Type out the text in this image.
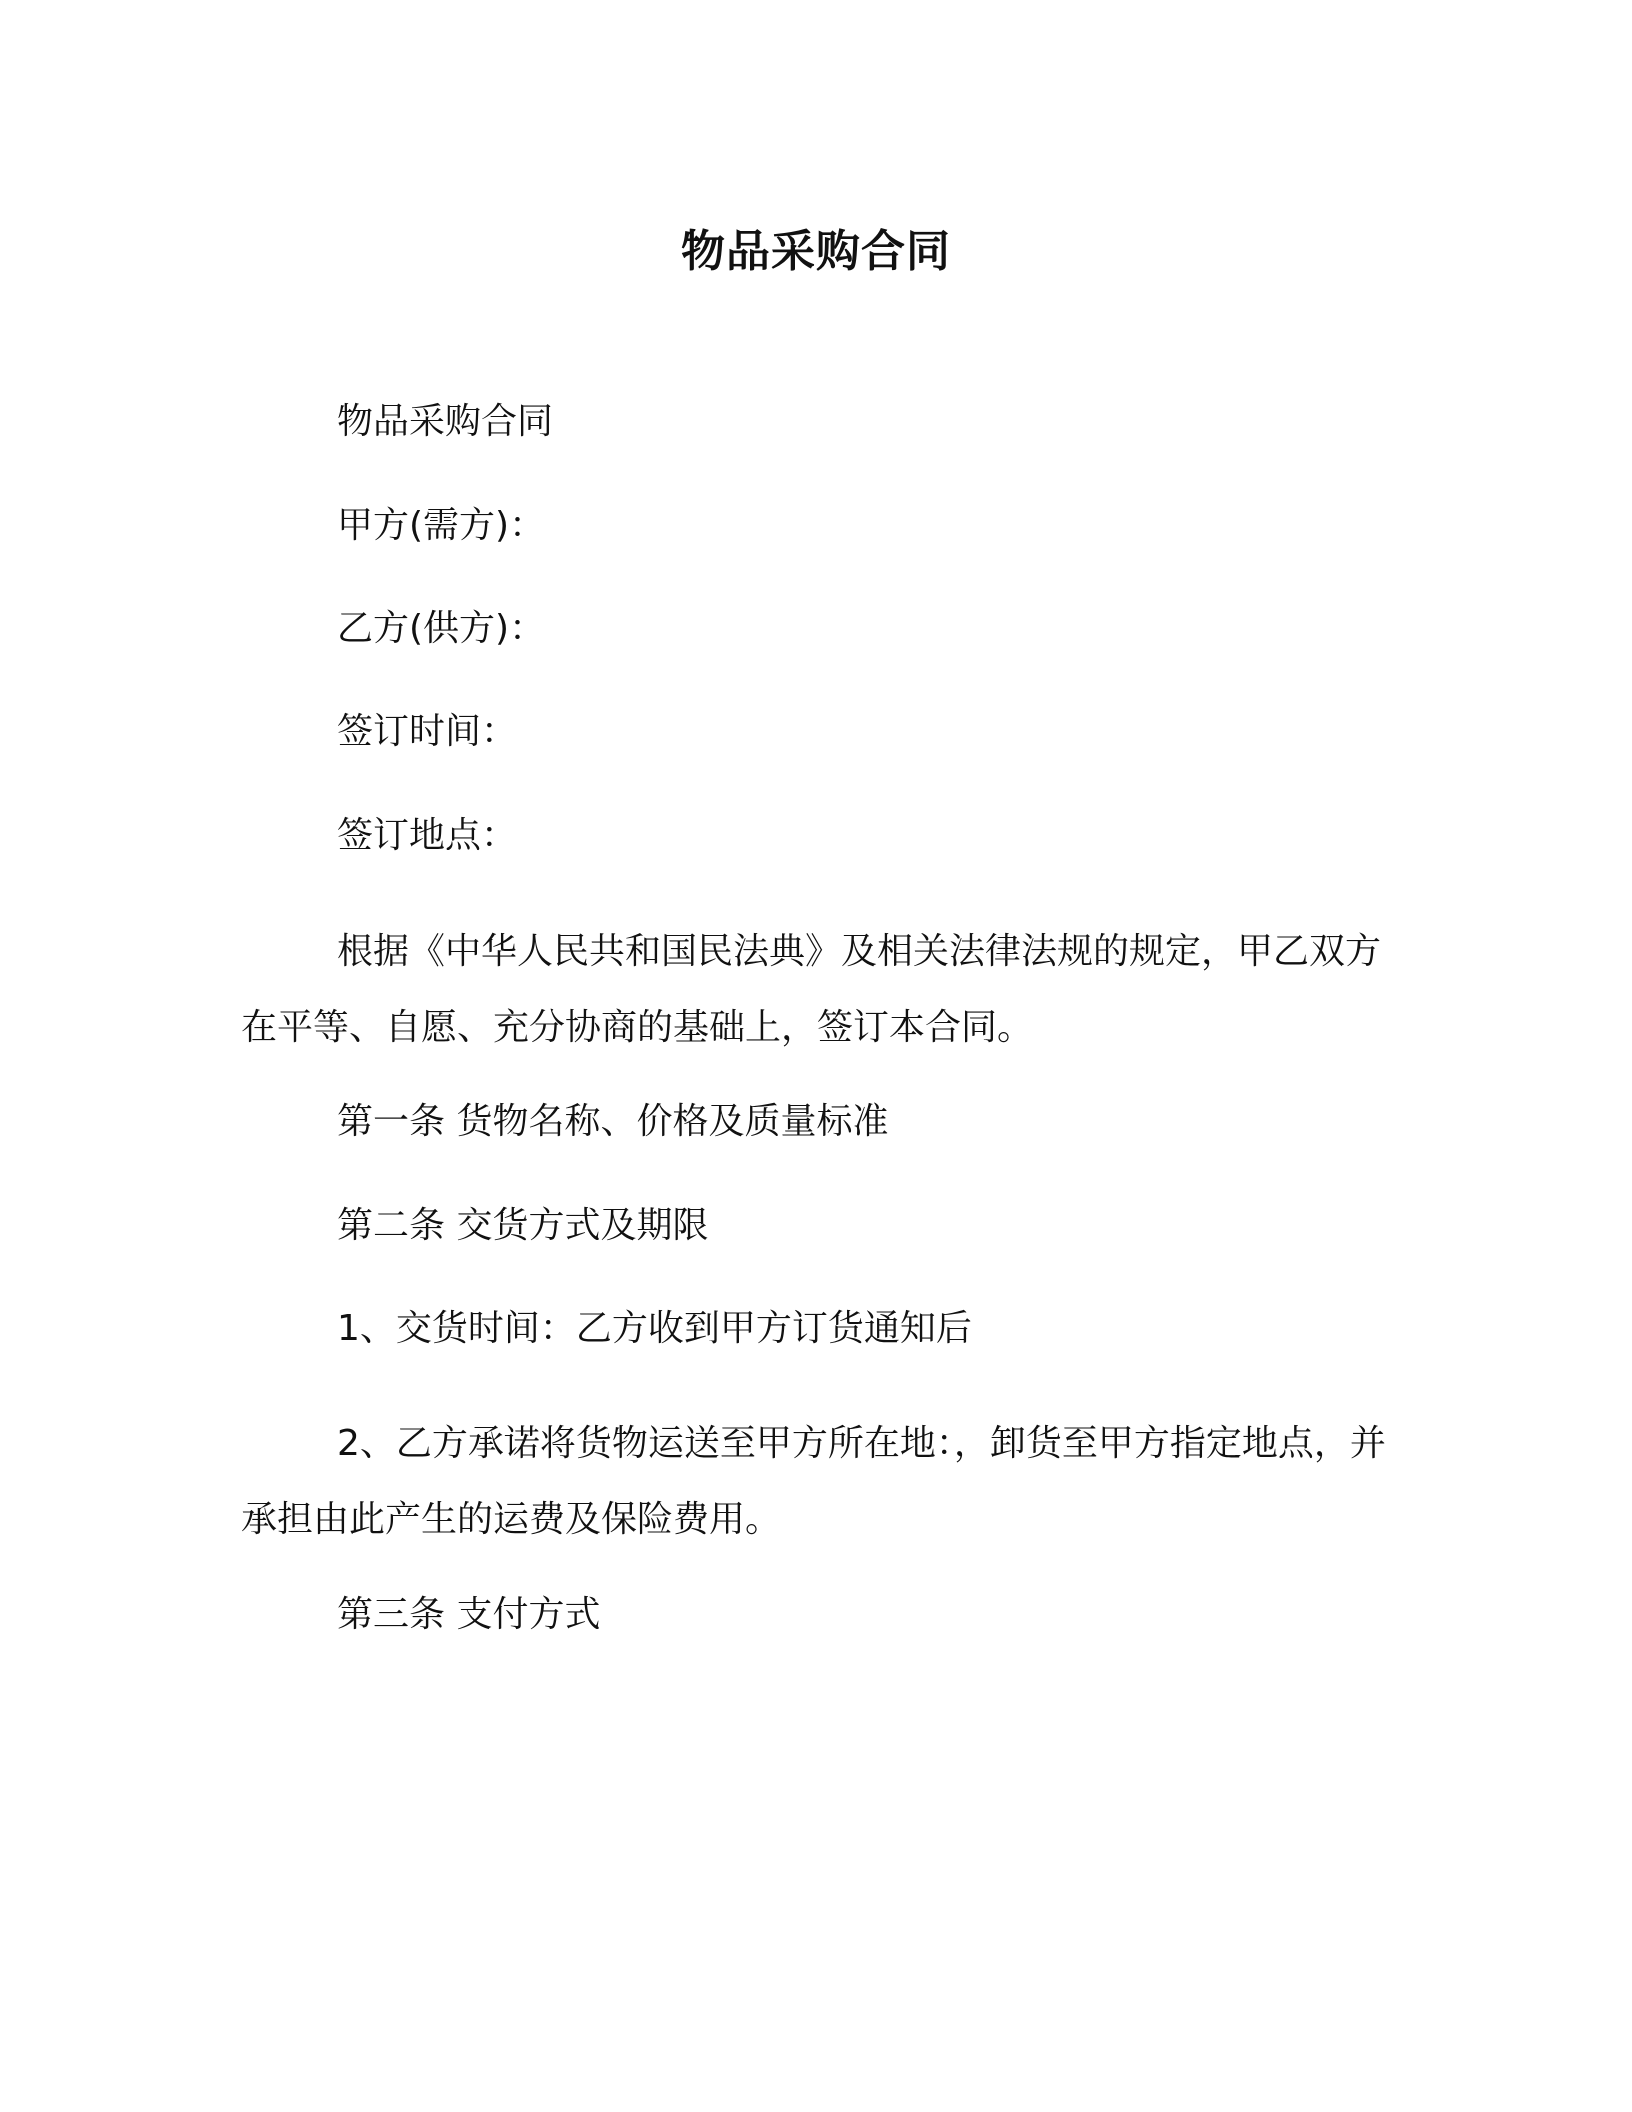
物品采购合同
物品采购合同
甲方(需方)：
乙方(供方)：
签订时间：
签订地点：

根据《中华人民共和国民法典》及相关法律法规的规定，甲乙双方在平等、自愿、充分协商的基础上，签订本合同。

第一条 货物名称、价格及质量标准
第二条 交货方式及期限
1、交货时间：乙方收到甲方订货通知后

2、乙方承诺将货物运送至甲方所在地：，卸货至甲方指定地点，并承担由此产生的运费及保险费用。

第三条 支付方式
